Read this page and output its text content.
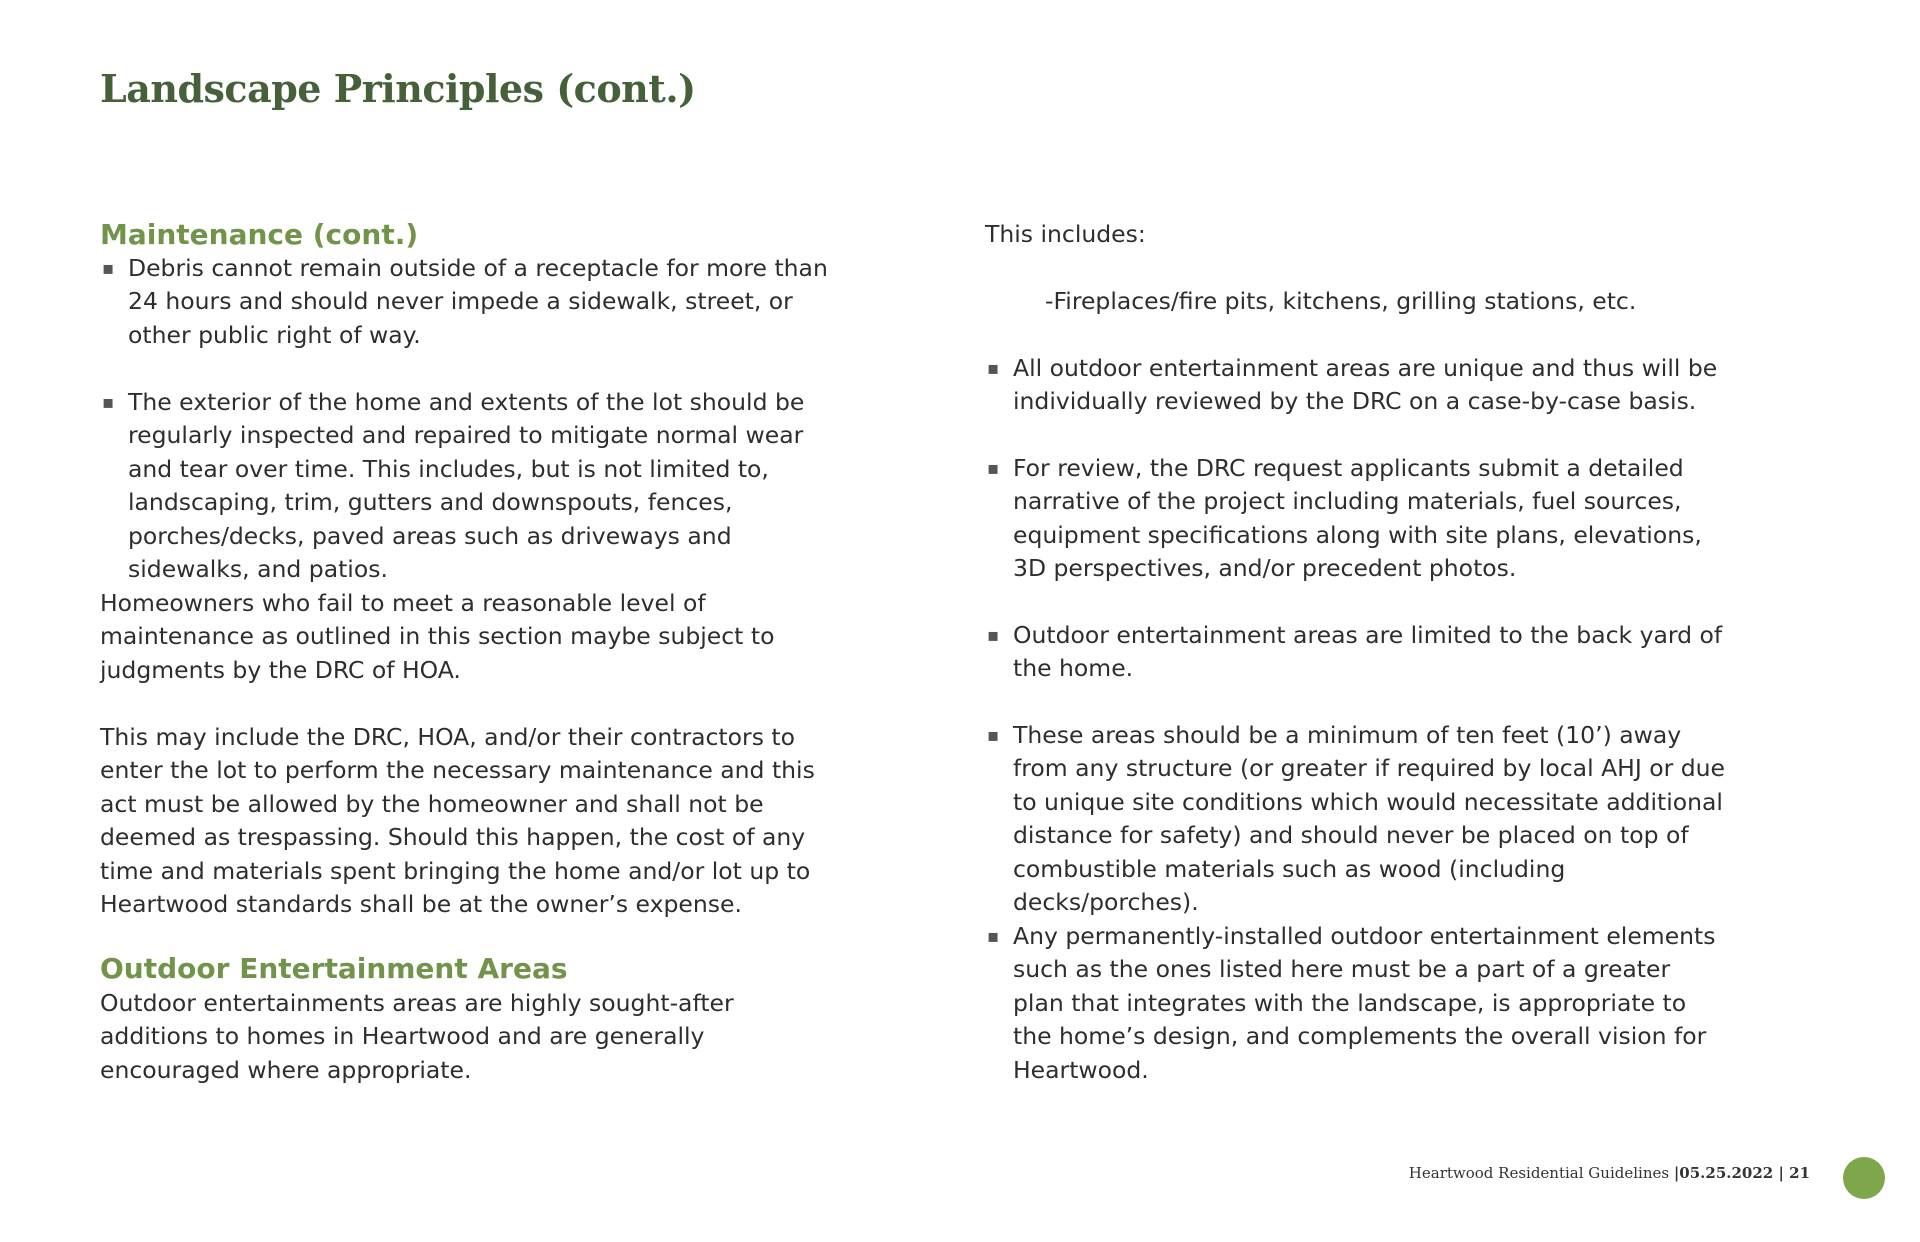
Landscape Principles (cont.)
Maintenance (cont.)
▪ Debris cannot remain outside of a receptacle for more than 24 hours and should never impede a sidewalk, street, or other public right of way.
▪ The exterior of the home and extents of the lot should be regularly inspected and repaired to mitigate normal wear and tear over time. This includes, but is not limited to, landscaping, trim, gutters and downspouts, fences, porches/decks, paved areas such as driveways and sidewalks, and patios.

Homeowners who fail to meet a reasonable level of maintenance as outlined in this section maybe subject to judgments by the DRC of HOA.

This may include the DRC, HOA, and/or their contractors to enter the lot to perform the necessary maintenance and this act must be allowed by the homeowner and shall not be deemed as trespassing. Should this happen, the cost of any time and materials spent bringing the home and/or lot up to Heartwood standards shall be at the owner’s expense.

Outdoor Entertainment Areas

Outdoor entertainments areas are highly sought-after additions to homes in Heartwood and are generally encouraged where appropriate.

This includes:

-Fireplaces/fire pits, kitchens, grilling stations, etc.

▪ All outdoor entertainment areas are unique and thus will be individually reviewed by the DRC on a case-by-case basis.
▪ For review, the DRC request applicants submit a detailed narrative of the project including materials, fuel sources, equipment specifications along with site plans, elevations, 3D perspectives, and/or precedent photos.
▪ Outdoor entertainment areas are limited to the back yard of the home.
▪ These areas should be a minimum of ten feet (10’) away from any structure (or greater if required by local AHJ or due to unique site conditions which would necessitate additional distance for safety) and should never be placed on top of combustible materials such as wood (including decks/porches).
▪ Any permanently-installed outdoor entertainment elements such as the ones listed here must be a part of a greater plan that integrates with the landscape, is appropriate to the home’s design, and complements the overall vision for Heartwood.
Heartwood Residential Guidelines |05.25.2022 | 21
